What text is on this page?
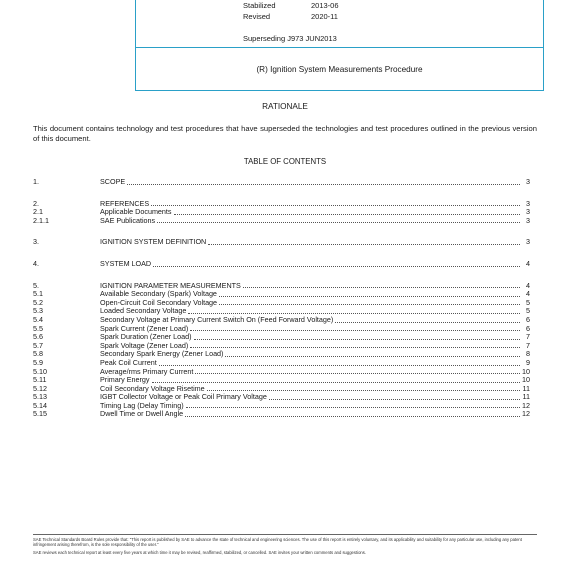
Stabilized	2013-06
Revised	2020-11
Superseding J973 JUN2013
(R) Ignition System Measurements Procedure
RATIONALE
This document contains technology and test procedures that have superseded the technologies and test procedures outlined in the previous version of this document.
TABLE OF CONTENTS
1.	SCOPE	3
2.	REFERENCES	3
2.1	Applicable Documents	3
2.1.1	SAE Publications	3
3.	IGNITION SYSTEM DEFINITION	3
4.	SYSTEM LOAD	4
5.	IGNITION PARAMETER MEASUREMENTS	4
5.1	Available Secondary (Spark) Voltage	4
5.2	Open-Circuit Coil Secondary Voltage	5
5.3	Loaded Secondary Voltage	5
5.4	Secondary Voltage at Primary Current Switch On (Feed Forward Voltage)	6
5.5	Spark Current (Zener Load)	6
5.6	Spark Duration (Zener Load)	7
5.7	Spark Voltage (Zener Load)	7
5.8	Secondary Spark Energy (Zener Load)	8
5.9	Peak Coil Current	9
5.10	Average/rms Primary Current	10
5.11	Primary Energy	10
5.12	Coil Secondary Voltage Risetime	11
5.13	IGBT Collector Voltage or Peak Coil Primary Voltage	11
5.14	Timing Lag (Delay Timing)	12
5.15	Dwell Time or Dwell Angle	12

SAE Technical Standards Board Rules provide that: "This report is published by SAE to advance the state of technical and engineering sciences. The use of this report is entirely voluntary, and its applicability and suitability for any particular use, including any patent infringement arising therefrom, is the sole responsibility of the user."

SAE reviews each technical report at least every five years at which time it may be revised, reaffirmed, stabilized, or cancelled. SAE invites your written comments and suggestions.
